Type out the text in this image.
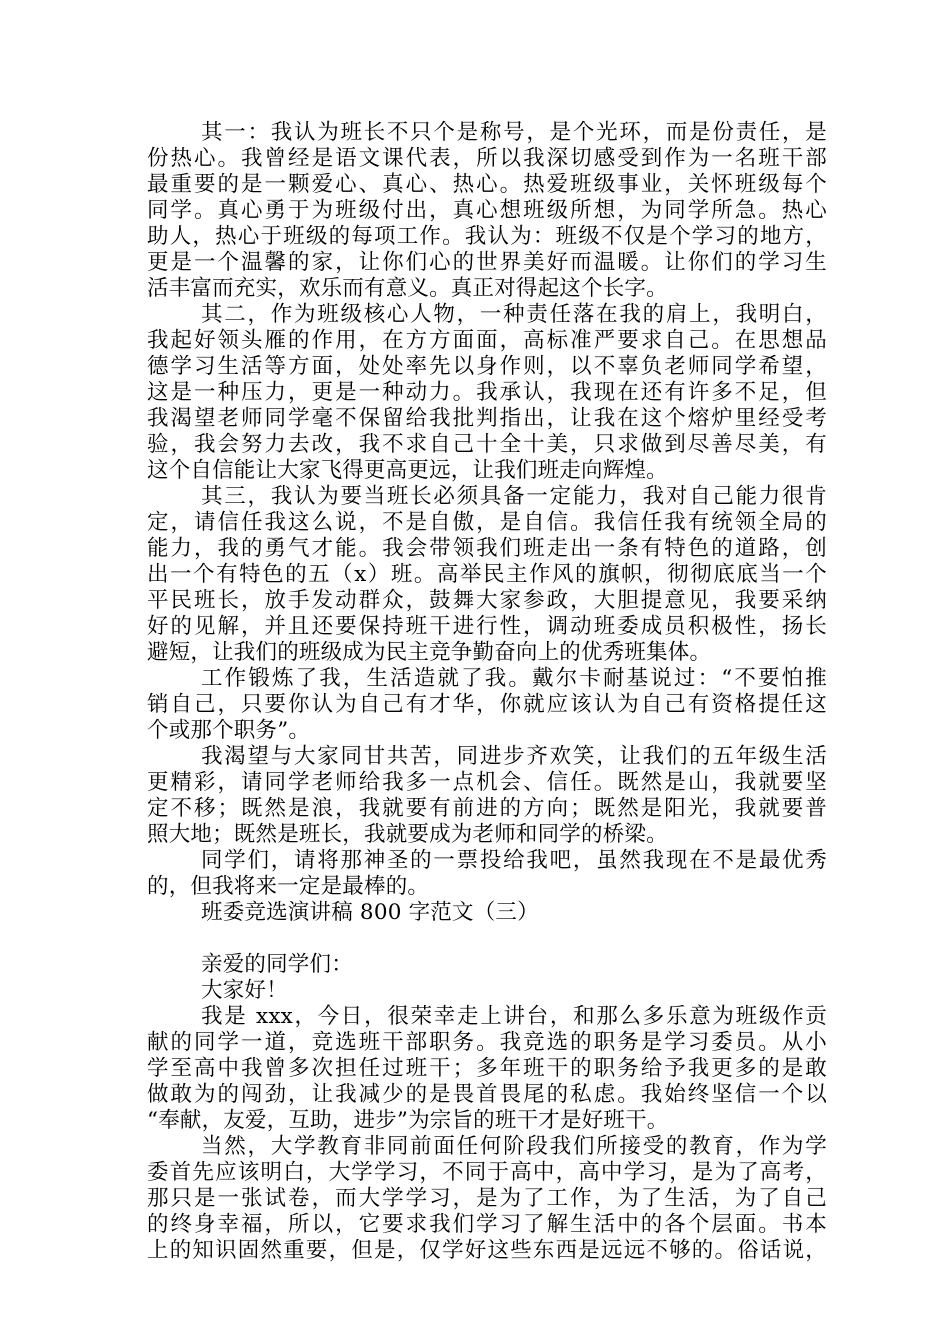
其一：我认为班长不只个是称号，是个光环，而是份责任，是
份热心。我曾经是语文课代表，所以我深切感受到作为一名班干部
最重要的是一颗爱心、真心、热心。热爱班级事业，关怀班级每个
同学。真心勇于为班级付出，真心想班级所想，为同学所急。热心
助人，热心于班级的每项工作。我认为：班级不仅是个学习的地方，
更是一个温馨的家，让你们心的世界美好而温暖。让你们的学习生
活丰富而充实，欢乐而有意义。真正对得起这个长字。
其二，作为班级核心人物，一种责任落在我的肩上，我明白，
我起好领头雁的作用，在方方面面，高标准严要求自己。在思想品
德学习生活等方面，处处率先以身作则，以不辜负老师同学希望，
这是一种压力，更是一种动力。我承认，我现在还有许多不足，但
我渴望老师同学毫不保留给我批判指出，让我在这个熔炉里经受考
验，我会努力去改，我不求自己十全十美，只求做到尽善尽美，有
这个自信能让大家飞得更高更远，让我们班走向辉煌。
其三，我认为要当班长必须具备一定能力，我对自己能力很肯
定，请信任我这么说，不是自傲，是自信。我信任我有统领全局的
能力，我的勇气才能。我会带领我们班走出一条有特色的道路，创
出一个有特色的五（x）班。高举民主作风的旗帜，彻彻底底当一个
平民班长，放手发动群众，鼓舞大家参政，大胆提意见，我要采纳
好的见解，并且还要保持班干进行性，调动班委成员积极性，扬长
避短，让我们的班级成为民主竞争勤奋向上的优秀班集体。
工作锻炼了我，生活造就了我。戴尔卡耐基说过：“不要怕推
销自己，只要你认为自己有才华，你就应该认为自己有资格提任这
个或那个职务”。
我渴望与大家同甘共苦，同进步齐欢笑，让我们的五年级生活
更精彩，请同学老师给我多一点机会、信任。既然是山，我就要坚
定不移；既然是浪，我就要有前进的方向；既然是阳光，我就要普
照大地；既然是班长，我就要成为老师和同学的桥梁。
同学们，请将那神圣的一票投给我吧，虽然我现在不是最优秀
的，但我将来一定是最棒的。
班委竞选演讲稿 800 字范文（三）

亲爱的同学们：
大家好！
我是 xxx，今日，很荣幸走上讲台，和那么多乐意为班级作贡
献的同学一道，竞选班干部职务。我竞选的职务是学习委员。从小
学至高中我曾多次担任过班干；多年班干的职务给予我更多的是敢
做敢为的闯劲，让我减少的是畏首畏尾的私虑。我始终坚信一个以
“奉献，友爱，互助，进步”为宗旨的班干才是好班干。
当然，大学教育非同前面任何阶段我们所接受的教育，作为学
委首先应该明白，大学学习，不同于高中，高中学习，是为了高考，
那只是一张试卷，而大学学习，是为了工作，为了生活，为了自己
的终身幸福，所以，它要求我们学习了解生活中的各个层面。书本
上的知识固然重要，但是，仅学好这些东西是远远不够的。俗话说，
